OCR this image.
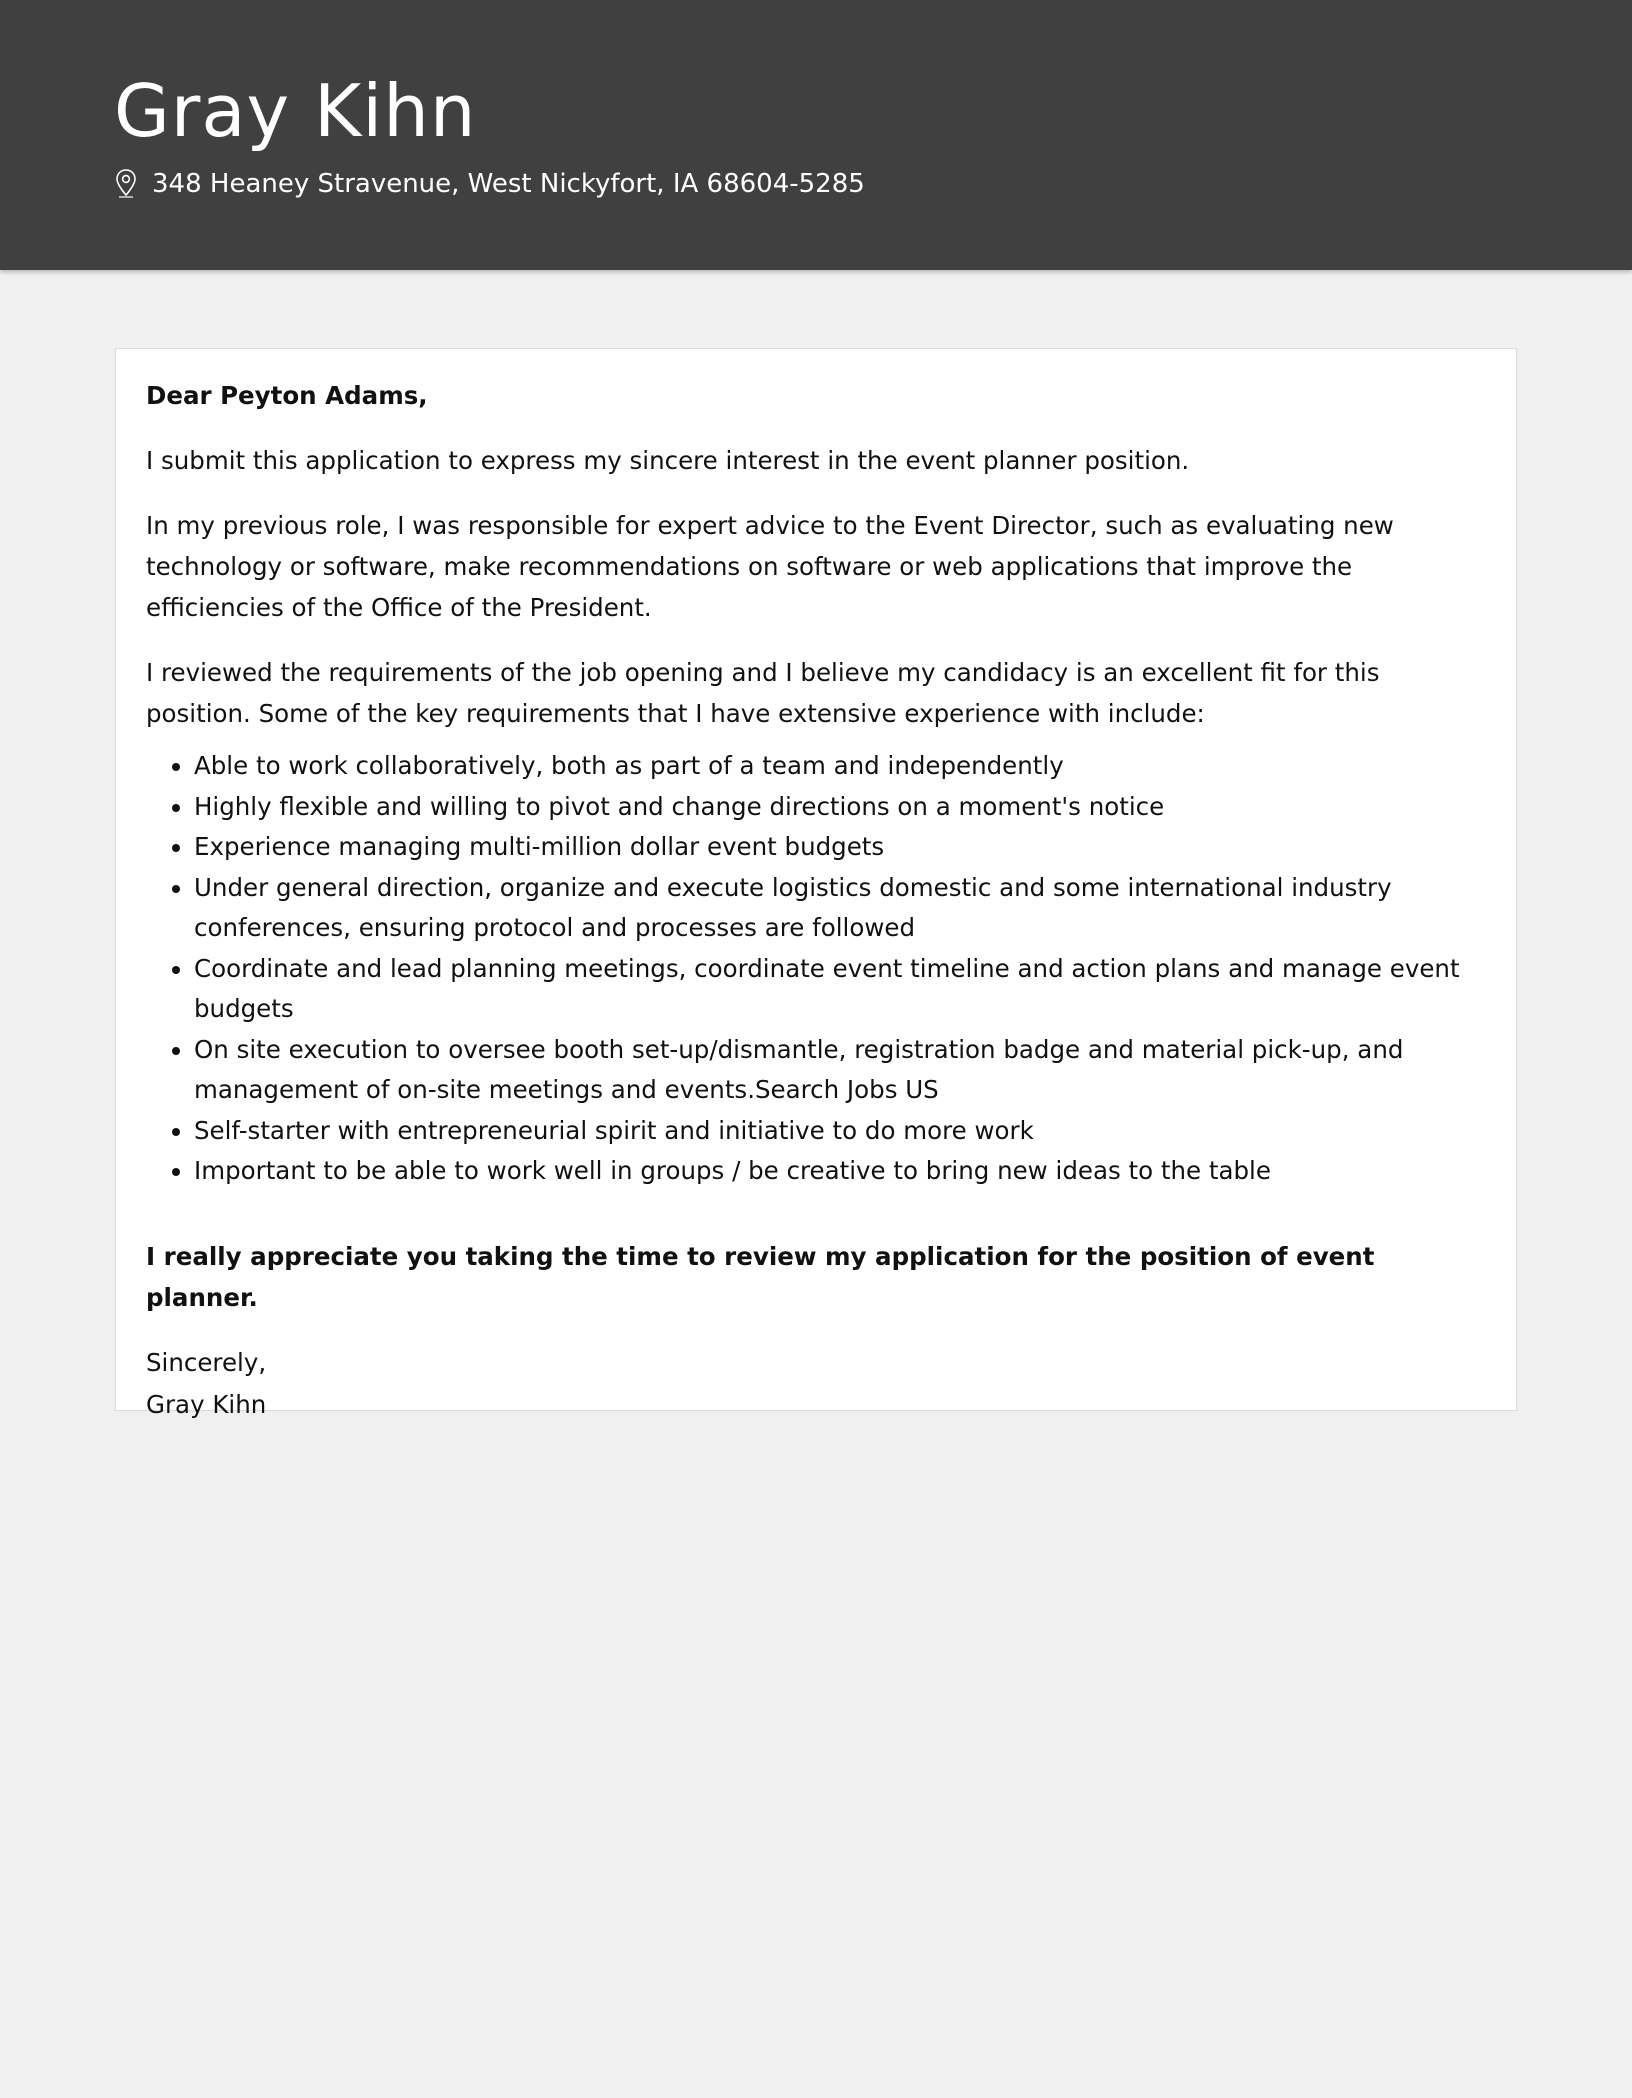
Gray Kihn
348 Heaney Stravenue, West Nickyfort, IA 68604-5285

Dear Peyton Adams,

I submit this application to express my sincere interest in the event planner position.

In my previous role, I was responsible for expert advice to the Event Director, such as evaluating new technology or software, make recommendations on software or web applications that improve the efficiencies of the Office of the President.

I reviewed the requirements of the job opening and I believe my candidacy is an excellent fit for this position. Some of the key requirements that I have extensive experience with include:

• Able to work collaboratively, both as part of a team and independently
• Highly flexible and willing to pivot and change directions on a moment's notice
• Experience managing multi-million dollar event budgets
• Under general direction, organize and execute logistics domestic and some international industry conferences, ensuring protocol and processes are followed
• Coordinate and lead planning meetings, coordinate event timeline and action plans and manage event budgets
• On site execution to oversee booth set-up/dismantle, registration badge and material pick-up, and management of on-site meetings and events.Search Jobs US
• Self-starter with entrepreneurial spirit and initiative to do more work
• Important to be able to work well in groups / be creative to bring new ideas to the table

I really appreciate you taking the time to review my application for the position of event planner.

Sincerely,

Gray Kihn
